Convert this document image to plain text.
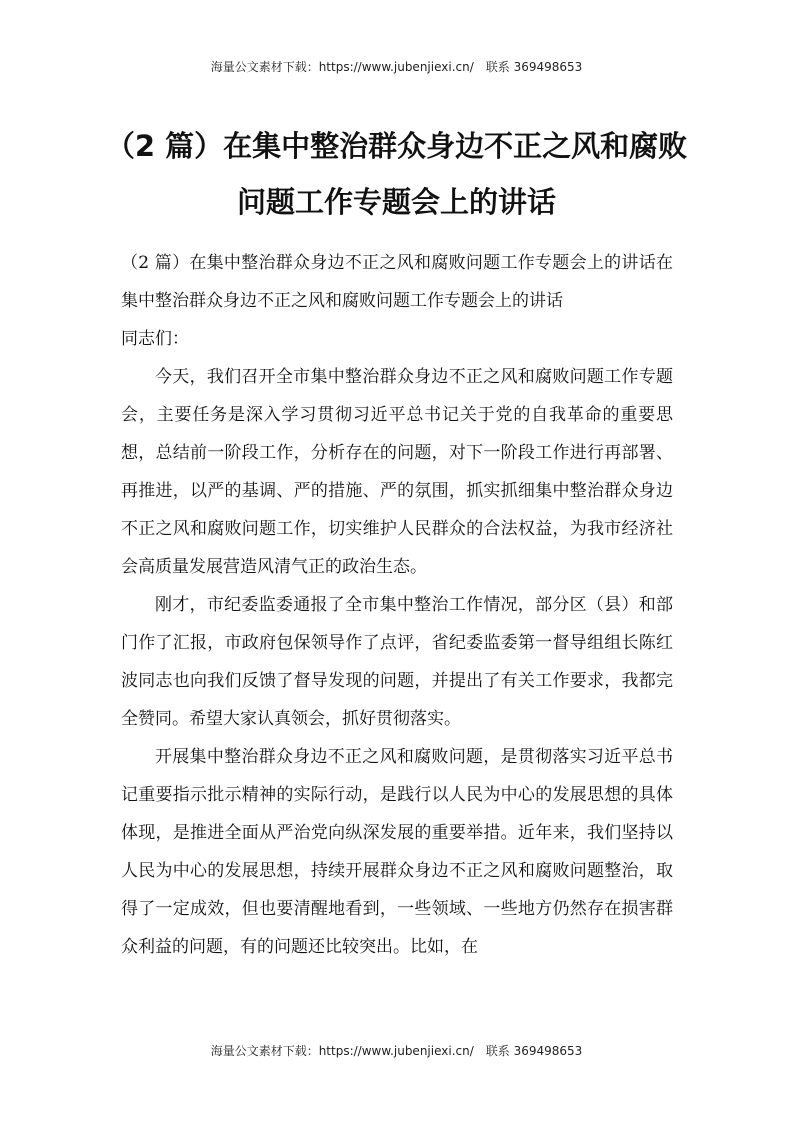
海量公文素材下载：https://www.jubenjiexi.cn/ 联系 369498653
（2 篇）在集中整治群众身边不正之风和腐败问题工作专题会上的讲话

（2 篇）在集中整治群众身边不正之风和腐败问题工作专题会上的讲话在集中整治群众身边不正之风和腐败问题工作专题会上的讲话

同志们：

今天，我们召开全市集中整治群众身边不正之风和腐败问题工作专题会，主要任务是深入学习贯彻习近平总书记关于党的自我革命的重要思想，总结前一阶段工作，分析存在的问题，对下一阶段工作进行再部署、再推进，以严的基调、严的措施、严的氛围，抓实抓细集中整治群众身边不正之风和腐败问题工作，切实维护人民群众的合法权益，为我市经济社会高质量发展营造风清气正的政治生态。

刚才，市纪委监委通报了全市集中整治工作情况，部分区（县）和部门作了汇报，市政府包保领导作了点评，省纪委监委第一督导组组长陈红波同志也向我们反馈了督导发现的问题，并提出了有关工作要求，我都完全赞同。希望大家认真领会，抓好贯彻落实。

开展集中整治群众身边不正之风和腐败问题，是贯彻落实习近平总书记重要指示批示精神的实际行动，是践行以人民为中心的发展思想的具体体现，是推进全面从严治党向纵深发展的重要举措。近年来，我们坚持以人民为中心的发展思想，持续开展群众身边不正之风和腐败问题整治，取得了一定成效，但也要清醒地看到，一些领域、一些地方仍然存在损害群众利益的问题，有的问题还比较突出。比如，在

海量公文素材下载：https://www.jubenjiexi.cn/ 联系 369498653
